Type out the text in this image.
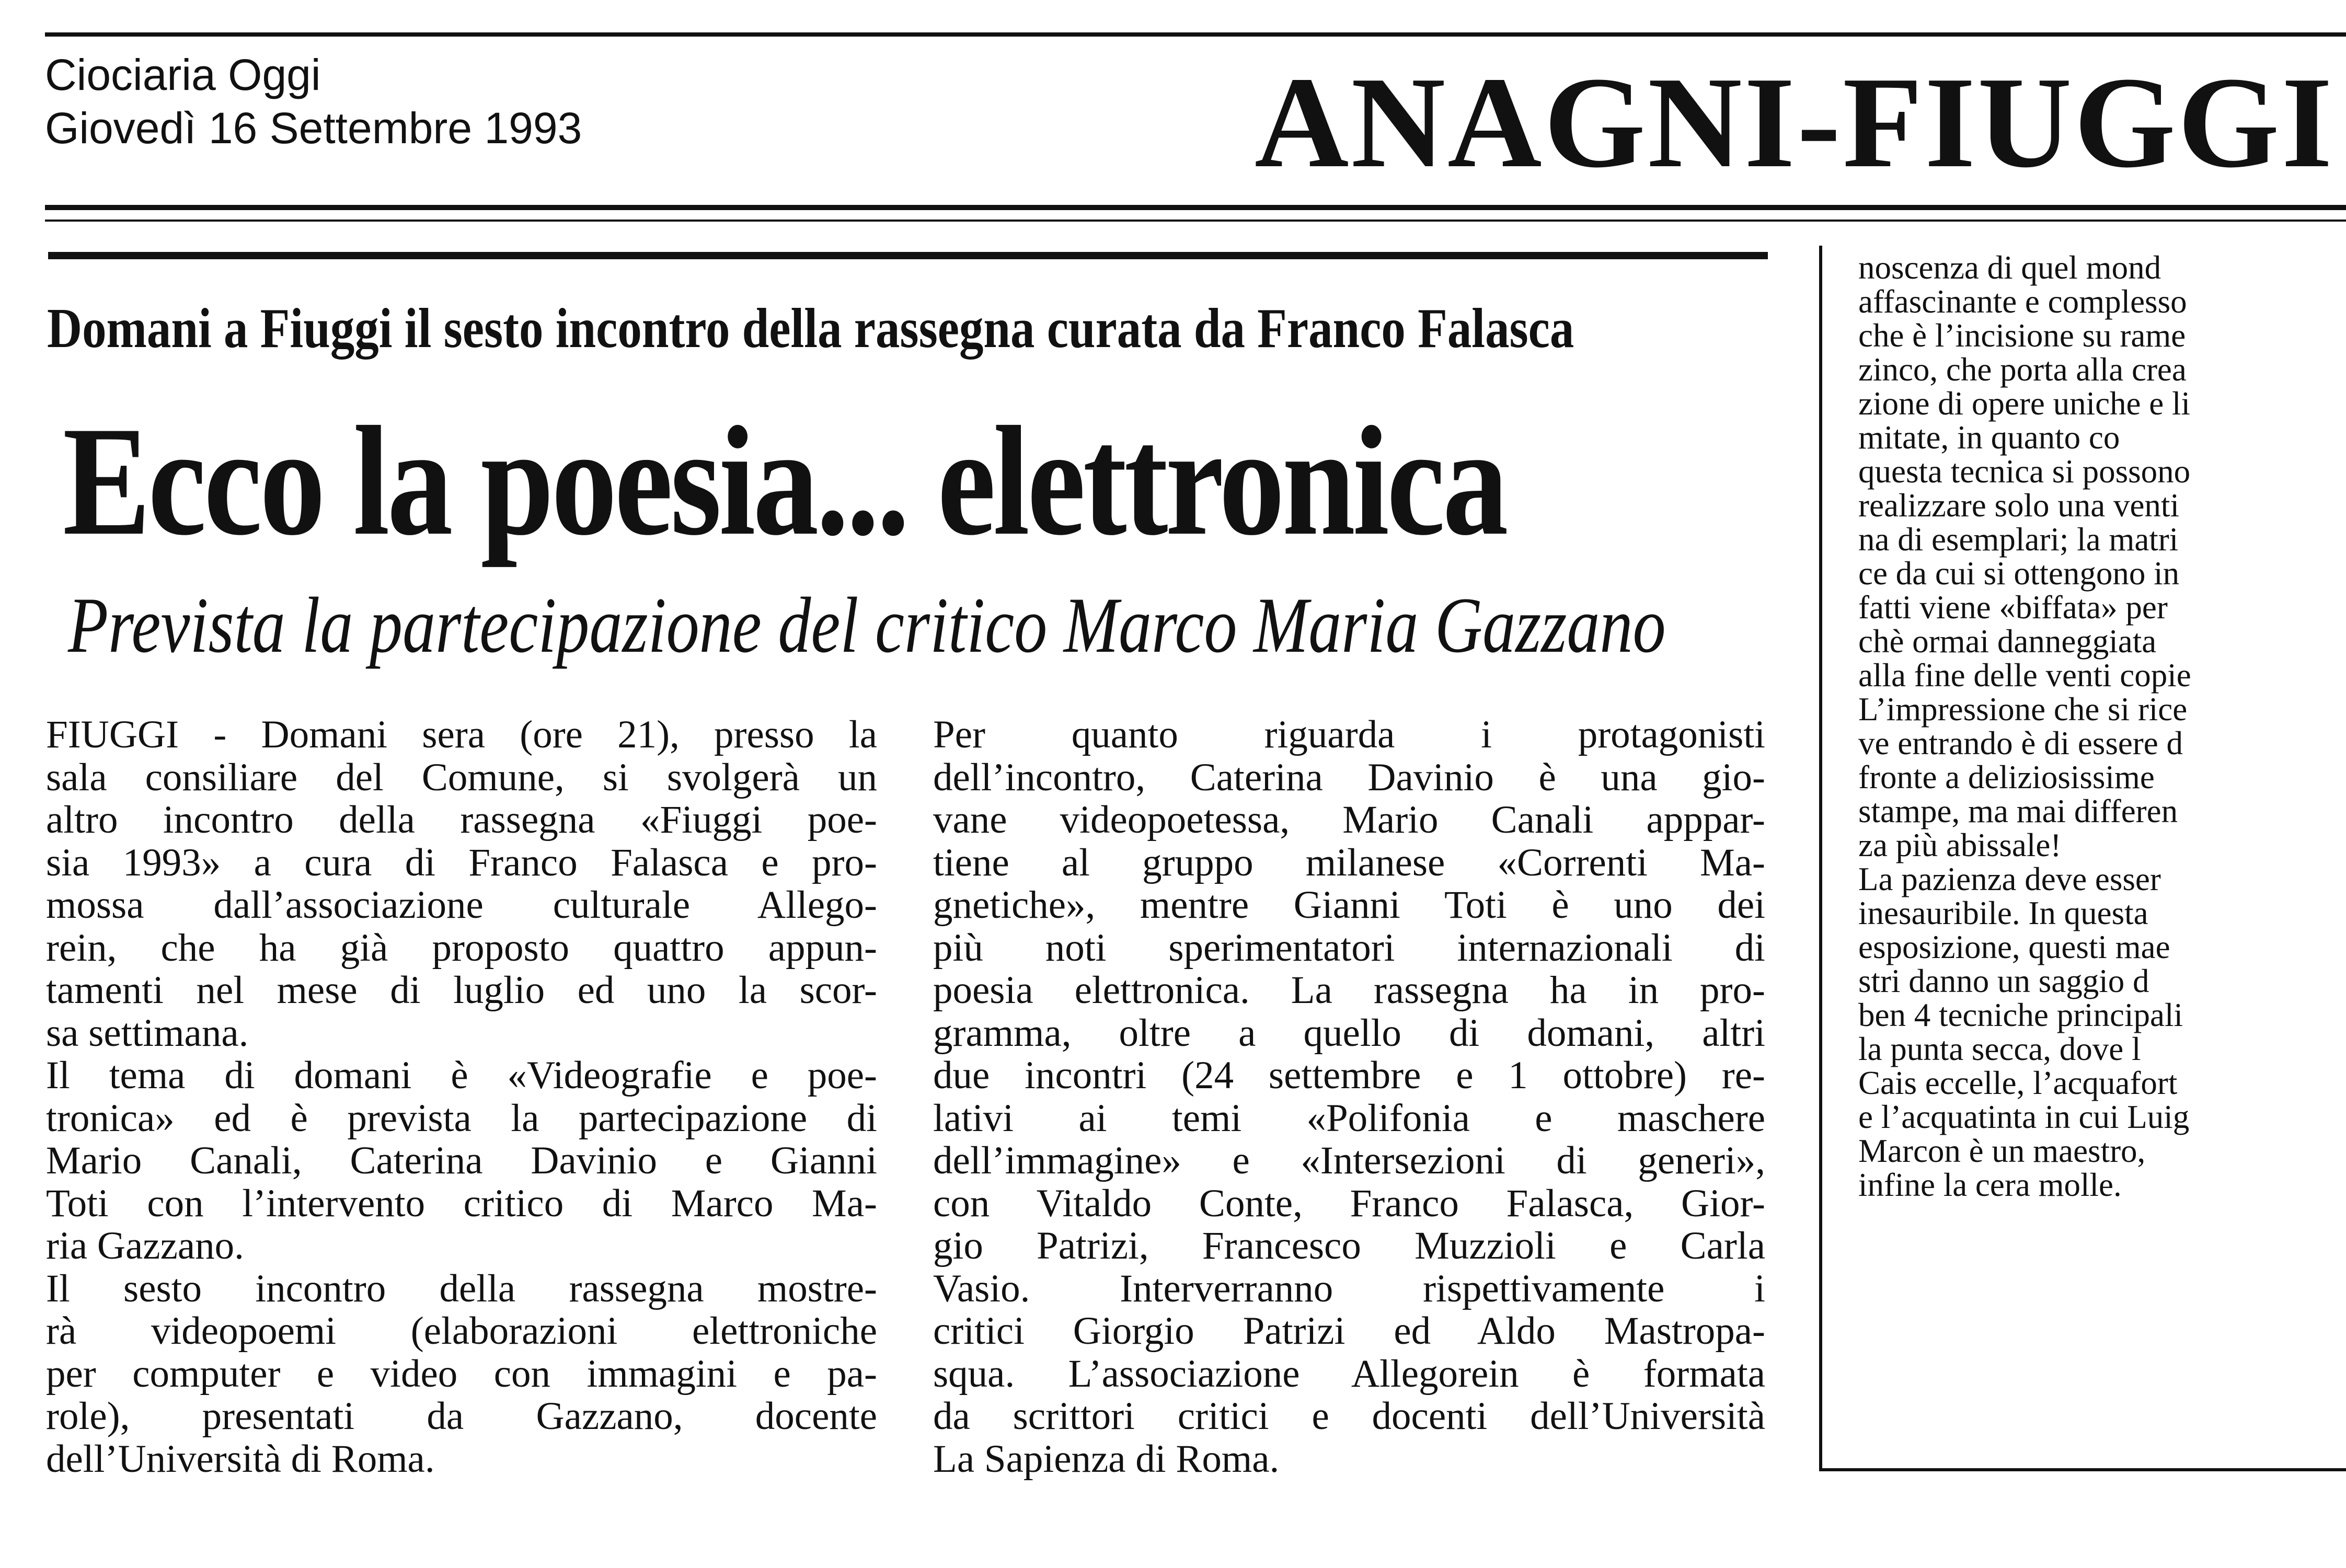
Ciociaria Oggi
Giovedì 16 Settembre 1993	ANAGNI-FIUGGI
Domani a Fiuggi il sesto incontro della rassegna curata da Franco Falasca
Ecco la poesia... elettronica
Prevista la partecipazione del critico Marco Maria Gazzano
FIUGGI - Domani sera (ore 21), presso la
sala consiliare del Comune, si svolgerà un
altro incontro della rassegna «Fiuggi poe-
sia 1993» a cura di Franco Falasca e pro-
mossa dall’associazione culturale Allego-
rein, che ha già proposto quattro appun-
tamenti nel mese di luglio ed uno la scor-
sa settimana.
Il tema di domani è «Videografie e poe-
tronica» ed è prevista la partecipazione di
Mario Canali, Caterina Davinio e Gianni
Toti con l’intervento critico di Marco Ma-
ria Gazzano.
Il sesto incontro della rassegna mostre-
rà videopoemi (elaborazioni elettroniche
per computer e video con immagini e pa-
role), presentati da Gazzano, docente
dell’Università di Roma.
Per quanto riguarda i protagonisti
dell’incontro, Caterina Davinio è una gio-
vane videopoetessa, Mario Canali apppar-
tiene al gruppo milanese «Correnti Ma-
gnetiche», mentre Gianni Toti è uno dei
più noti sperimentatori internazionali di
poesia elettronica. La rassegna ha in pro-
gramma, oltre a quello di domani, altri
due incontri (24 settembre e 1 ottobre) re-
lativi ai temi «Polifonia e maschere
dell’immagine» e «Intersezioni di generi»,
con Vitaldo Conte, Franco Falasca, Gior-
gio Patrizi, Francesco Muzzioli e Carla
Vasio. Interverranno rispettivamente i
critici Giorgio Patrizi ed Aldo Mastropa-
squa. L’associazione Allegorein è formata
da scrittori critici e docenti dell’Università
La Sapienza di Roma.
noscenza di quel mond
affascinante e complesso
che è l’incisione su rame
zinco, che porta alla crea
zione di opere uniche e li
mitate, in quanto co
questa tecnica si possono
realizzare solo una venti
na di esemplari; la matri
ce da cui si ottengono in
fatti viene «biffata» per
chè ormai danneggiata
alla fine delle venti copie
L’impressione che si rice
ve entrando è di essere d
fronte a deliziosissime
stampe, ma mai differen
za più abissale!
La pazienza deve esser
inesauribile. In questa
esposizione, questi mae
stri danno un saggio d
ben 4 tecniche principali
la punta secca, dove l
Cais eccelle, l’acquafort
e l’acquatinta in cui Luig
Marcon è un maestro,
infine la cera molle.
